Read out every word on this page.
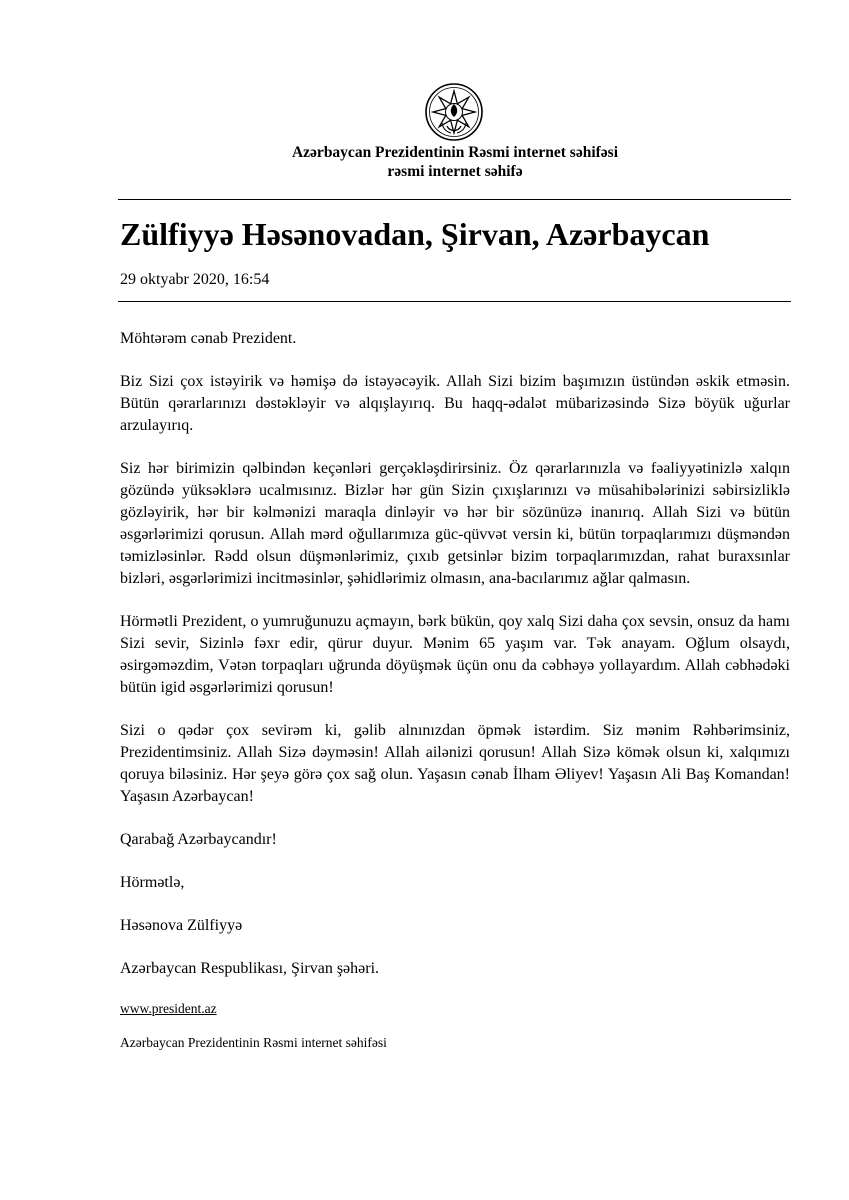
Azərbaycan Prezidentinin Rəsmi internet səhifəsi
rəsmi internet səhifə
Zülfiyyə Həsənovadan, Şirvan, Azərbaycan
29 oktyabr 2020, 16:54

Möhtərəm cənab Prezident.

Biz Sizi çox istəyirik və həmişə də istəyəcəyik. Allah Sizi bizim başımızın üstündən əskik etməsin. Bütün qərarlarınızı dəstəkləyir və alqışlayırıq. Bu haqq-ədalət mübarizəsində Sizə böyük uğurlar arzulayırıq.

Siz hər birimizin qəlbindən keçənləri gerçəkləşdirirsiniz. Öz qərarlarınızla və fəaliyyətinizlə xalqın gözündə yüksəklərə ucalmısınız. Bizlər hər gün Sizin çıxışlarınızı və müsahibələrinizi səbirsizliklə gözləyirik, hər bir kəlmənizi maraqla dinləyir və hər bir sözünüzə inanırıq. Allah Sizi və bütün əsgərlərimizi qorusun. Allah mərd oğullarımıza güc-qüvvət versin ki, bütün torpaqlarımızı düşməndən təmizləsinlər. Rədd olsun düşmənlərimiz, çıxıb getsinlər bizim torpaqlarımızdan, rahat buraxsınlar bizləri, əsgərlərimizi incitməsinlər, şəhidlərimiz olmasın, ana-bacılarımız ağlar qalmasın.

Hörmətli Prezident, o yumruğunuzu açmayın, bərk bükün, qoy xalq Sizi daha çox sevsin, onsuz da hamı Sizi sevir, Sizinlə fəxr edir, qürur duyur. Mənim 65 yaşım var. Tək anayam. Oğlum olsaydı, əsirgəməzdim, Vətən torpaqları uğrunda döyüşmək üçün onu da cəbhəyə yollayardım. Allah cəbhədəki bütün igid əsgərlərimizi qorusun!

Sizi o qədər çox sevirəm ki, gəlib alnınızdan öpmək istərdim. Siz mənim Rəhbərimsiniz, Prezidentimsiniz. Allah Sizə dəyməsin! Allah ailənizi qorusun! Allah Sizə kömək olsun ki, xalqımızı qoruya biləsiniz. Hər şeyə görə çox sağ olun. Yaşasın cənab İlham Əliyev! Yaşasın Ali Baş Komandan! Yaşasın Azərbaycan!

Qarabağ Azərbaycandır!

Hörmətlə,

Həsənova Zülfiyyə

Azərbaycan Respublikası, Şirvan şəhəri.

www.president.az
Azərbaycan Prezidentinin Rəsmi internet səhifəsi
